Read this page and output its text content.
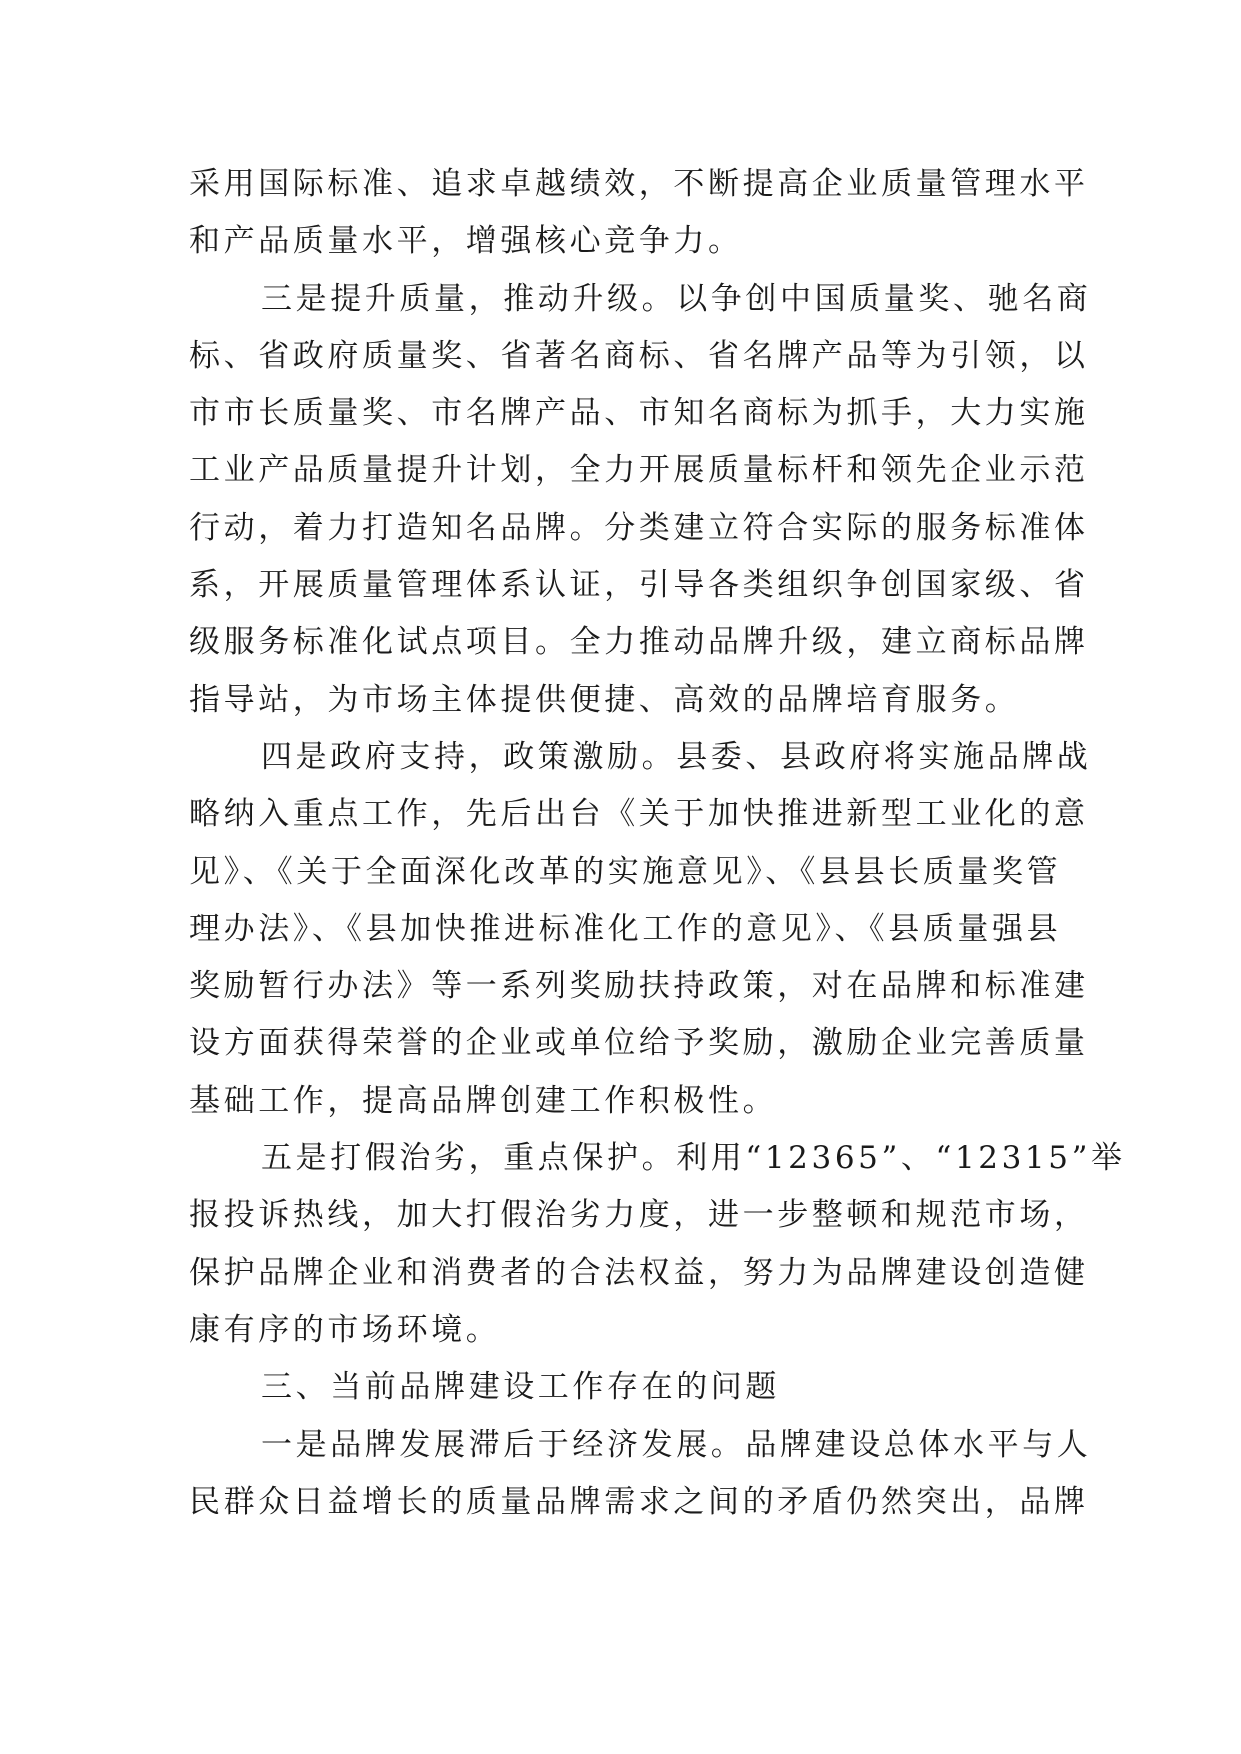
采用国际标准、追求卓越绩效，不断提高企业质量管理水平
和产品质量水平，增强核心竞争力。
三是提升质量，推动升级。以争创中国质量奖、驰名商
标、省政府质量奖、省著名商标、省名牌产品等为引领，以
市市长质量奖、市名牌产品、市知名商标为抓手，大力实施
工业产品质量提升计划，全力开展质量标杆和领先企业示范
行动，着力打造知名品牌。分类建立符合实际的服务标准体
系，开展质量管理体系认证，引导各类组织争创国家级、省
级服务标准化试点项目。全力推动品牌升级，建立商标品牌
指导站，为市场主体提供便捷、高效的品牌培育服务。
四是政府支持，政策激励。县委、县政府将实施品牌战
略纳入重点工作，先后出台《关于加快推进新型工业化的意
见》、《关于全面深化改革的实施意见》、《县县长质量奖管
理办法》、《县加快推进标准化工作的意见》、《县质量强县
奖励暂行办法》等一系列奖励扶持政策，对在品牌和标准建
设方面获得荣誉的企业或单位给予奖励，激励企业完善质量
基础工作，提高品牌创建工作积极性。
五是打假治劣，重点保护。利用“12365”、“12315”举
报投诉热线，加大打假治劣力度，进一步整顿和规范市场，
保护品牌企业和消费者的合法权益，努力为品牌建设创造健
康有序的市场环境。
三、当前品牌建设工作存在的问题
一是品牌发展滞后于经济发展。品牌建设总体水平与人
民群众日益增长的质量品牌需求之间的矛盾仍然突出，品牌
